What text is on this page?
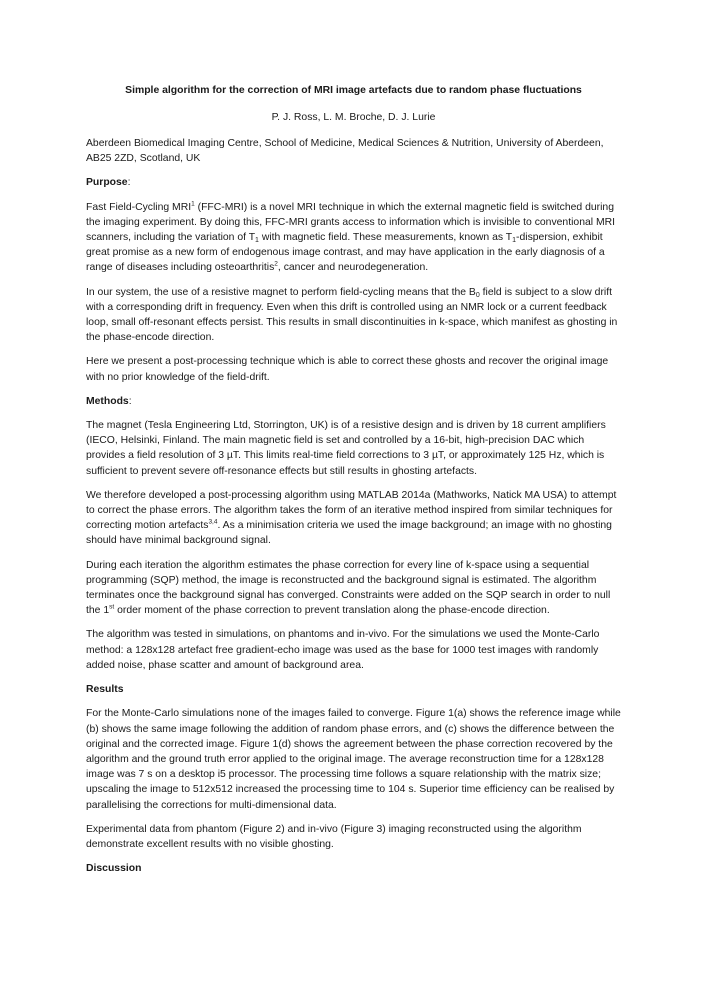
Simple algorithm for the correction of MRI image artefacts due to random phase fluctuations
P. J. Ross, L. M. Broche, D. J. Lurie

Aberdeen Biomedical Imaging Centre, School of Medicine, Medical Sciences & Nutrition, University of Aberdeen, AB25 2ZD, Scotland, UK

Purpose:

Fast Field-Cycling MRI$^1$ (FFC-MRI) is a novel MRI technique in which the external magnetic field is switched during the imaging experiment. By doing this, FFC-MRI grants access to information which is invisible to conventional MRI scanners, including the variation of $T_1$ with magnetic field. These measurements, known as $T_1$-dispersion, exhibit great promise as a new form of endogenous image contrast, and may have application in the early diagnosis of a range of diseases including osteoarthritis$^2$, cancer and neurodegeneration.

In our system, the use of a resistive magnet to perform field-cycling means that the $B_0$ field is subject to a slow drift with a corresponding drift in frequency. Even when this drift is controlled using an NMR lock or a current feedback loop, small off-resonant effects persist. This results in small discontinuities in k-space, which manifest as ghosting in the phase-encode direction.

Here we present a post-processing technique which is able to correct these ghosts and recover the original image with no prior knowledge of the field-drift.

Methods:

The magnet (Tesla Engineering Ltd, Storrington, UK) is of a resistive design and is driven by 18 current amplifiers (IECO, Helsinki, Finland. The main magnetic field is set and controlled by a 16-bit, high-precision DAC which provides a field resolution of 3 µT. This limits real-time field corrections to 3 µT, or approximately 125 Hz, which is sufficient to prevent severe off-resonance effects but still results in ghosting artefacts.

We therefore developed a post-processing algorithm using MATLAB 2014a (Mathworks, Natick MA USA) to attempt to correct the phase errors. The algorithm takes the form of an iterative method inspired from similar techniques for correcting motion artefacts$^{3,4}$. As a minimisation criteria we used the image background; an image with no ghosting should have minimal background signal.

During each iteration the algorithm estimates the phase correction for every line of k-space using a sequential programming (SQP) method, the image is reconstructed and the background signal is estimated. The algorithm terminates once the background signal has converged. Constraints were added on the SQP search in order to null the 1st order moment of the phase correction to prevent translation along the phase-encode direction.

The algorithm was tested in simulations, on phantoms and in-vivo. For the simulations we used the Monte-Carlo method: a 128x128 artefact free gradient-echo image was used as the base for 1000 test images with randomly added noise, phase scatter and amount of background area.

Results

For the Monte-Carlo simulations none of the images failed to converge. Figure 1(a) shows the reference image while (b) shows the same image following the addition of random phase errors, and (c) shows the difference between the original and the corrected image. Figure 1(d) shows the agreement between the phase correction recovered by the algorithm and the ground truth error applied to the original image. The average reconstruction time for a 128x128 image was 7 s on a desktop i5 processor. The processing time follows a square relationship with the matrix size; upscaling the image to 512x512 increased the processing time to 104 s. Superior time efficiency can be realised by parallelising the corrections for multi-dimensional data.

Experimental data from phantom (Figure 2) and in-vivo (Figure 3) imaging reconstructed using the algorithm demonstrate excellent results with no visible ghosting.

Discussion
